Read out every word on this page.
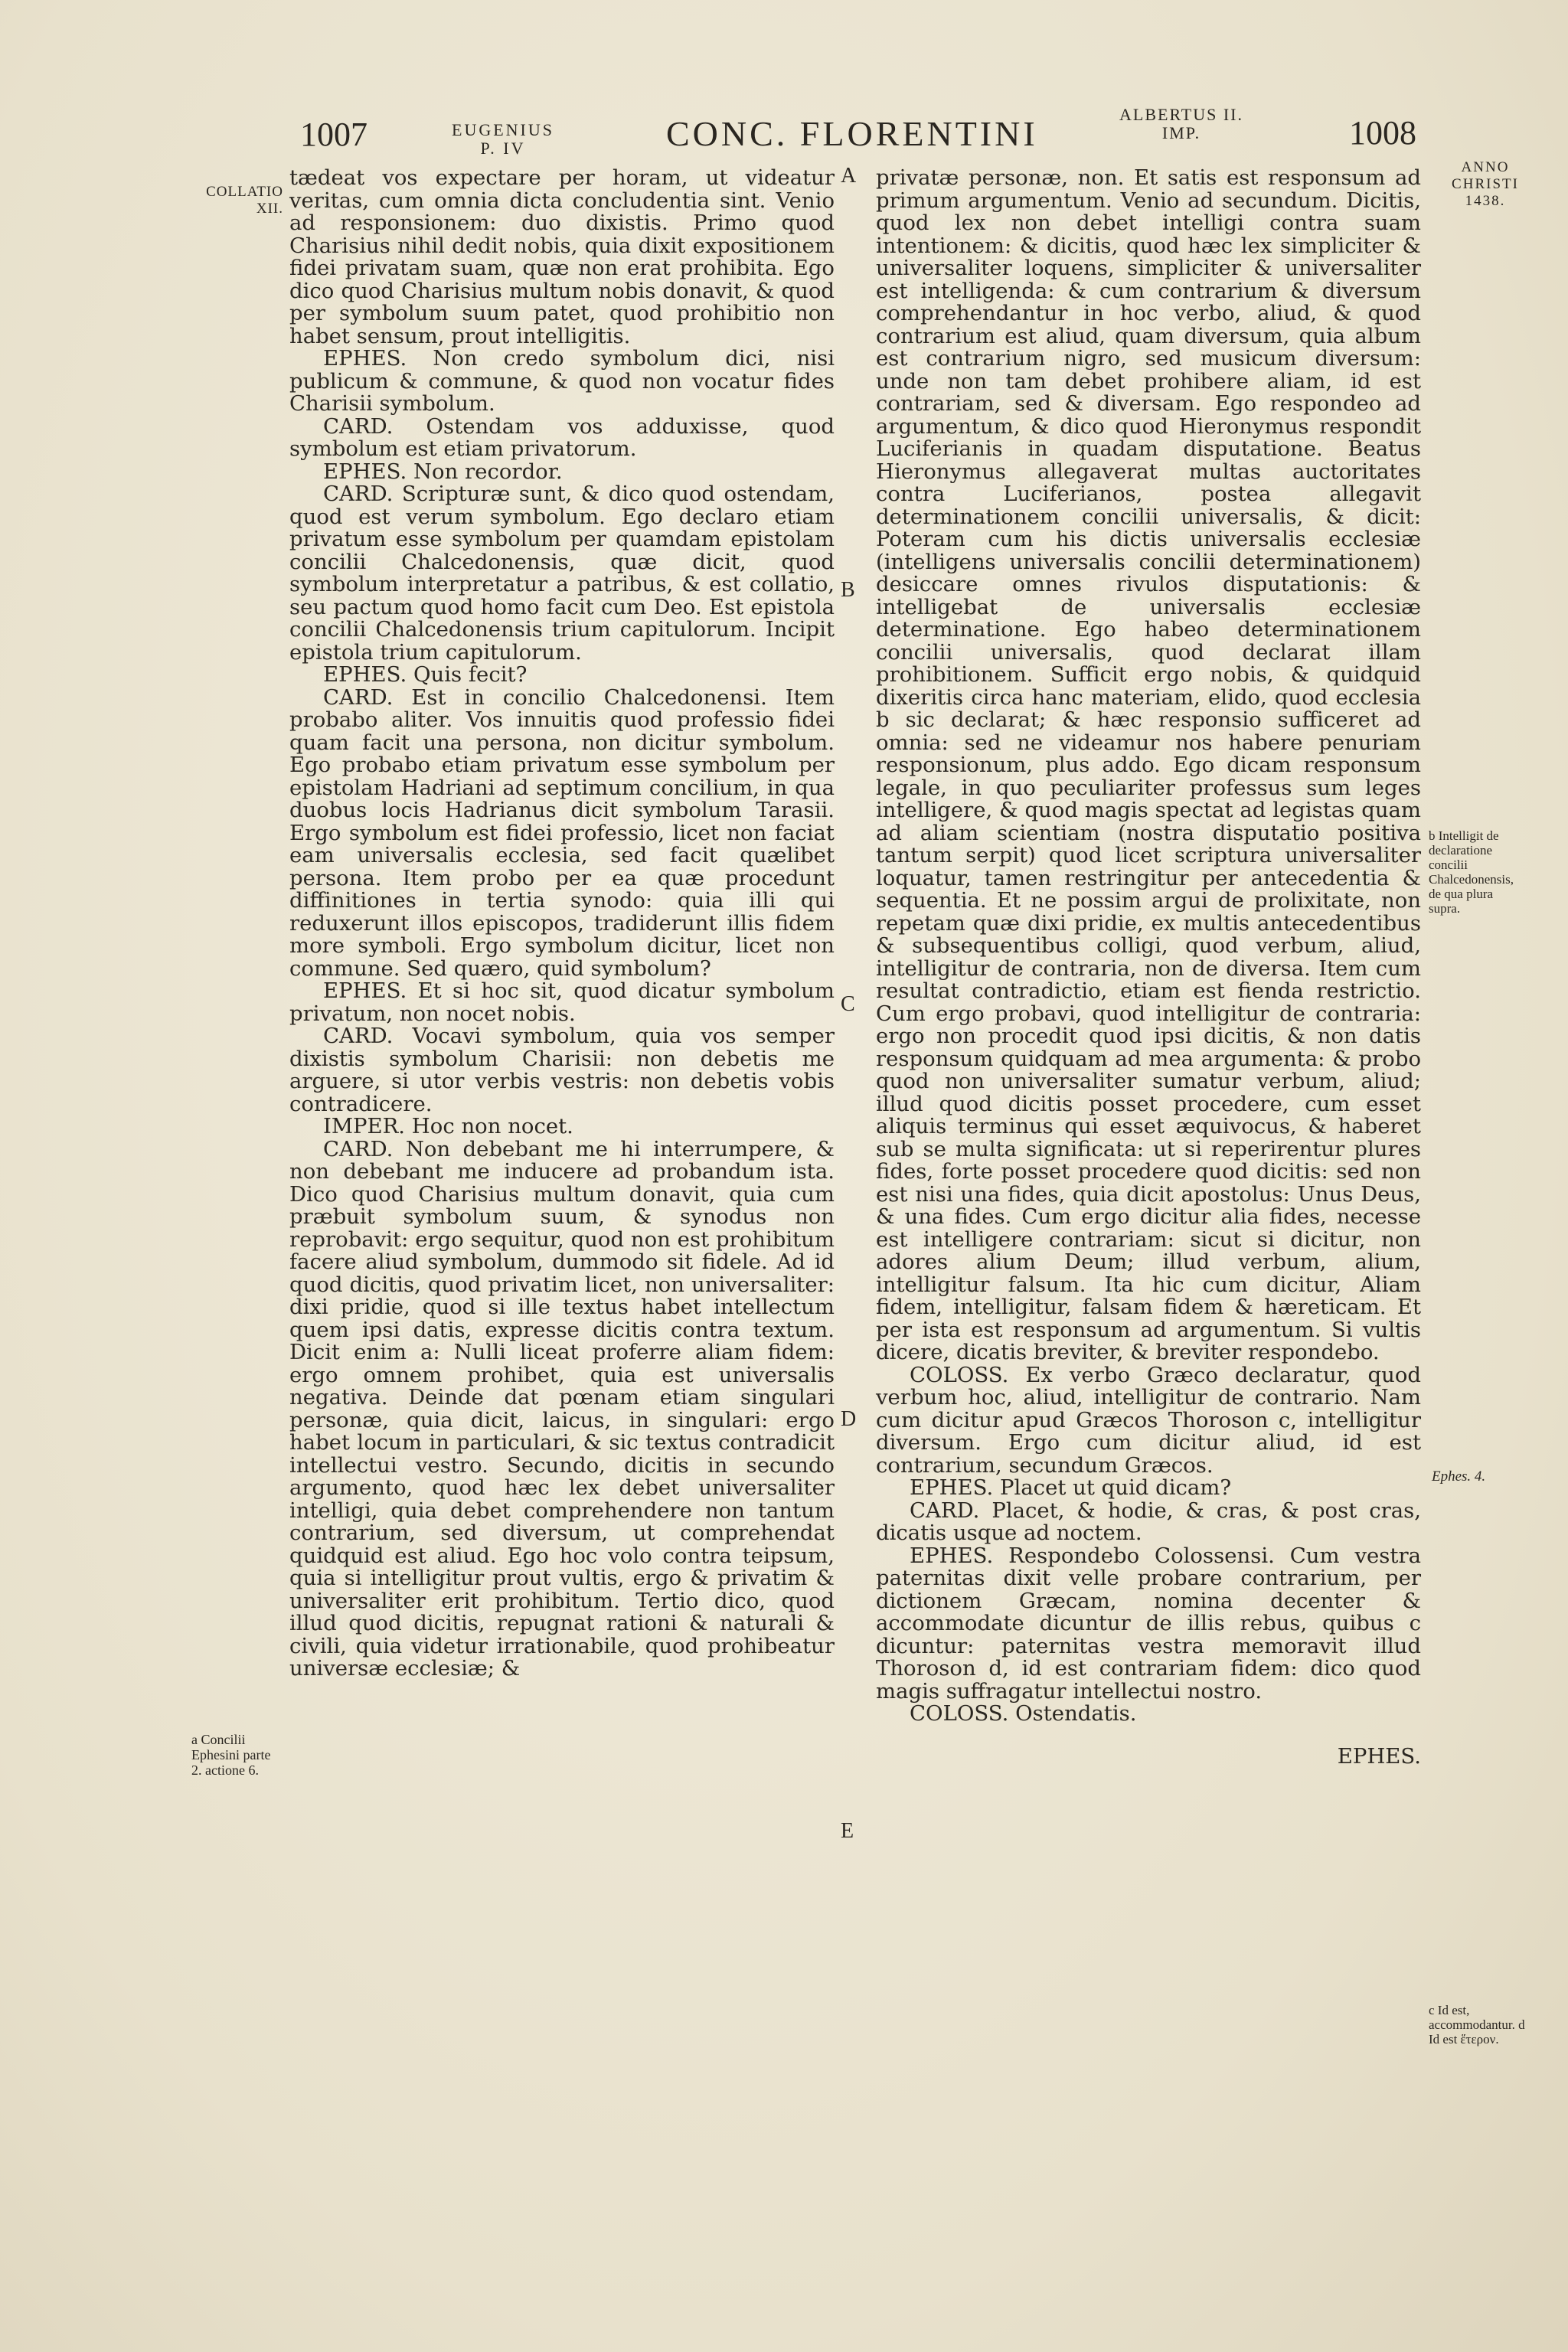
1007	EUGENIUS
P. IV	CONC. FLORENTINI	ALBERTUS II.
IMP.	1008
COLLATIO XII.
a Concilii Ephesini parte 2. actione 6.
ANNO CHRISTI 1438.
b Intelligit de declaratione concilii Chalcedonensis, de qua plura supra.
Ephes. 4.
c Id est, accommodantur. d Id est ἕτερον.
A
B
C
D
E

tædeat vos expectare per horam, ut videatur veritas, cum omnia dicta concludentia sint. Venio ad responsionem: duo dixistis. Primo quod Charisius nihil dedit nobis, quia dixit expositionem fidei privatam suam, quæ non erat prohibita. Ego dico quod Charisius multum nobis donavit, & quod per symbolum suum patet, quod prohibitio non habet sensum, prout intelligitis.

EPHES. Non credo symbolum dici, nisi publicum & commune, & quod non vocatur fides Charisii symbolum.

CARD. Ostendam vos adduxisse, quod symbolum est etiam privatorum.

EPHES. Non recordor.

CARD. Scripturæ sunt, & dico quod ostendam, quod est verum symbolum. Ego declaro etiam privatum esse symbolum per quamdam epistolam concilii Chalcedonensis, quæ dicit, quod symbolum interpretatur a patribus, & est collatio, seu pactum quod homo facit cum Deo. Est epistola concilii Chalcedonensis trium capitulorum. Incipit epistola trium capitulorum.

EPHES. Quis fecit?

CARD. Est in concilio Chalcedonensi. Item probabo aliter. Vos innuitis quod professio fidei quam facit una persona, non dicitur symbolum. Ego probabo etiam privatum esse symbolum per epistolam Hadriani ad septimum concilium, in qua duobus locis Hadrianus dicit symbolum Tarasii. Ergo symbolum est fidei professio, licet non faciat eam universalis ecclesia, sed facit quælibet persona. Item probo per ea quæ procedunt diffinitiones in tertia synodo: quia illi qui reduxerunt illos episcopos, tradiderunt illis fidem more symboli. Ergo symbolum dicitur, licet non commune. Sed quæro, quid symbolum?

EPHES. Et si hoc sit, quod dicatur symbolum privatum, non nocet nobis.

CARD. Vocavi symbolum, quia vos semper dixistis symbolum Charisii: non debetis me arguere, si utor verbis vestris: non debetis vobis contradicere.

IMPER. Hoc non nocet.

CARD. Non debebant me hi interrumpere, & non debebant me inducere ad probandum ista. Dico quod Charisius multum donavit, quia cum præbuit symbolum suum, & synodus non reprobavit: ergo sequitur, quod non est prohibitum facere aliud symbolum, dummodo sit fidele. Ad id quod dicitis, quod privatim licet, non universaliter: dixi pridie, quod si ille textus habet intellectum quem ipsi datis, expresse dicitis contra textum. Dicit enim a: Nulli liceat proferre aliam fidem: ergo omnem prohibet, quia est universalis negativa. Deinde dat pœnam etiam singulari personæ, quia dicit, laicus, in singulari: ergo habet locum in particulari, & sic textus contradicit intellectui vestro. Secundo, dicitis in secundo argumento, quod hæc lex debet universaliter intelligi, quia debet comprehendere non tantum contrarium, sed diversum, ut comprehendat quidquid est aliud. Ego hoc volo contra teipsum, quia si intelligitur prout vultis, ergo & privatim & universaliter erit prohibitum. Tertio dico, quod illud quod dicitis, repugnat rationi & naturali & civili, quia videtur irrationabile, quod prohibeatur universæ ecclesiæ; &

privatæ personæ, non. Et satis est responsum ad primum argumentum. Venio ad secundum. Dicitis, quod lex non debet intelligi contra suam intentionem: & dicitis, quod hæc lex simpliciter & universaliter loquens, simpliciter & universaliter est intelligenda: & cum contrarium & diversum comprehendantur in hoc verbo, aliud, & quod contrarium est aliud, quam diversum, quia album est contrarium nigro, sed musicum diversum: unde non tam debet prohibere aliam, id est contrariam, sed & diversam. Ego respondeo ad argumentum, & dico quod Hieronymus respondit Luciferianis in quadam disputatione. Beatus Hieronymus allegaverat multas auctoritates contra Luciferianos, postea allegavit determinationem concilii universalis, & dicit: Poteram cum his dictis universalis ecclesiæ (intelligens universalis concilii determinationem) desiccare omnes rivulos disputationis: & intelligebat de universalis ecclesiæ determinatione. Ego habeo determinationem concilii universalis, quod declarat illam prohibitionem. Sufficit ergo nobis, & quidquid dixeritis circa hanc materiam, elido, quod ecclesia b sic declarat; & hæc responsio sufficeret ad omnia: sed ne videamur nos habere penuriam responsionum, plus addo. Ego dicam responsum legale, in quo peculiariter professus sum leges intelligere, & quod magis spectat ad legistas quam ad aliam scientiam (nostra disputatio positiva tantum serpit) quod licet scriptura universaliter loquatur, tamen restringitur per antecedentia & sequentia. Et ne possim argui de prolixitate, non repetam quæ dixi pridie, ex multis antecedentibus & subsequentibus colligi, quod verbum, aliud, intelligitur de contraria, non de diversa. Item cum resultat contradictio, etiam est fienda restrictio. Cum ergo probavi, quod intelligitur de contraria: ergo non procedit quod ipsi dicitis, & non datis responsum quidquam ad mea argumenta: & probo quod non universaliter sumatur verbum, aliud; illud quod dicitis posset procedere, cum esset aliquis terminus qui esset æquivocus, & haberet sub se multa significata: ut si reperirentur plures fides, forte posset procedere quod dicitis: sed non est nisi una fides, quia dicit apostolus: Unus Deus, & una fides. Cum ergo dicitur alia fides, necesse est intelligere contrariam: sicut si dicitur, non adores alium Deum; illud verbum, alium, intelligitur falsum. Ita hic cum dicitur, Aliam fidem, intelligitur, falsam fidem & hæreticam. Et per ista est responsum ad argumentum. Si vultis dicere, dicatis breviter, & breviter respondebo.

COLOSS. Ex verbo Græco declaratur, quod verbum hoc, aliud, intelligitur de contrario. Nam cum dicitur apud Græcos Thoroson c, intelligitur diversum. Ergo cum dicitur aliud, id est contrarium, secundum Græcos.

EPHES. Placet ut quid dicam?

CARD. Placet, & hodie, & cras, & post cras, dicatis usque ad noctem.

EPHES. Respondebo Colossensi. Cum vestra paternitas dixit velle probare contrarium, per dictionem Græcam, nomina decenter & accommodate dicuntur de illis rebus, quibus c dicuntur: paternitas vestra memoravit illud Thoroson d, id est contrariam fidem: dico quod magis suffragatur intellectui nostro.

COLOSS. Ostendatis.

EPHES.
